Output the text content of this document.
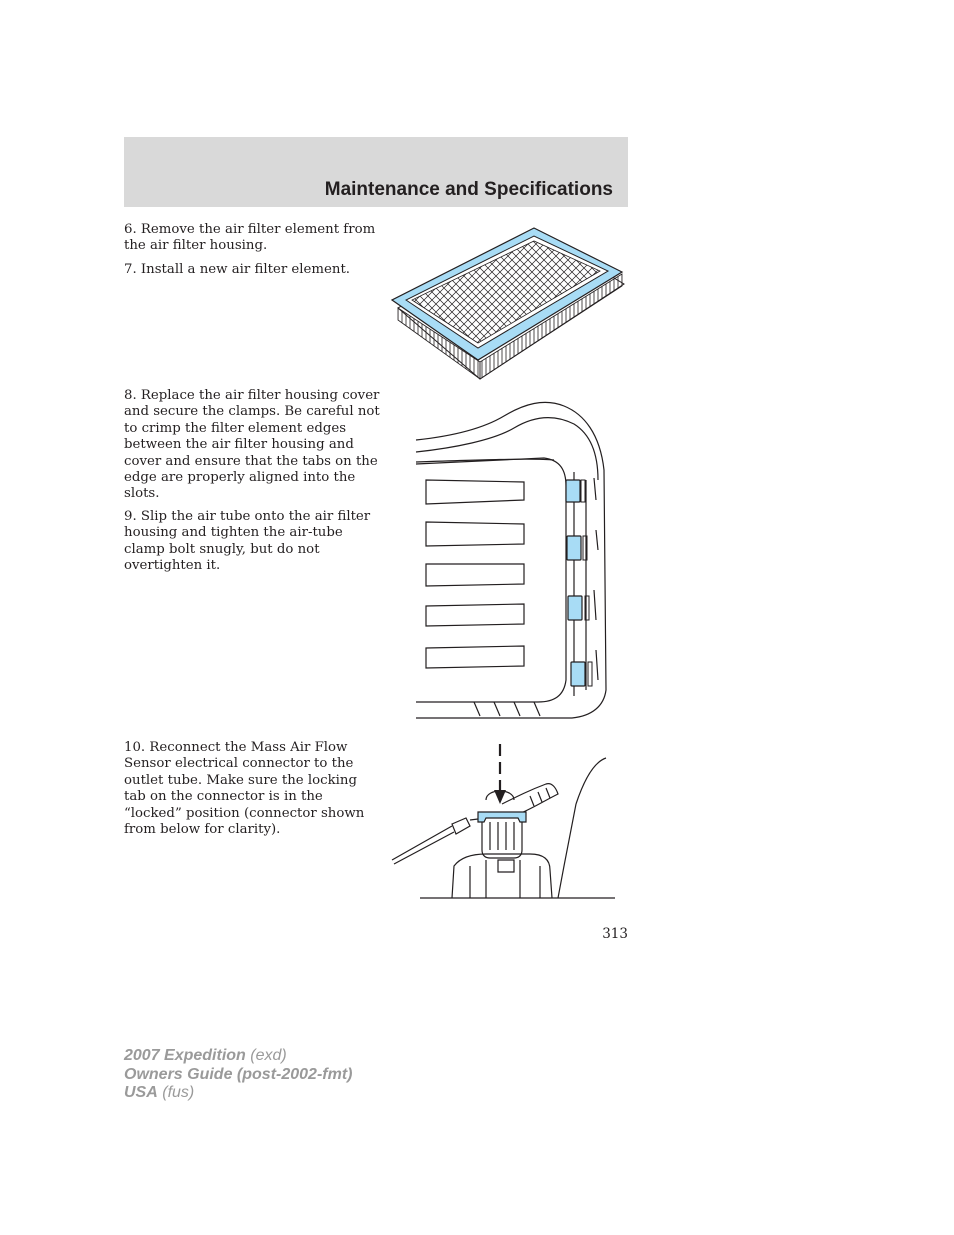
Maintenance and Specifications

6. Remove the air filter element from the air filter housing.

7. Install a new air filter element.

8. Replace the air filter housing cover and secure the clamps. Be careful not to crimp the filter element edges between the air filter housing and cover and ensure that the tabs on the edge are properly aligned into the slots.

9. Slip the air tube onto the air filter housing and tighten the air-tube clamp bolt snugly, but do not overtighten it.

10. Reconnect the Mass Air Flow Sensor electrical connector to the outlet tube. Make sure the locking tab on the connector is in the “locked” position (connector shown from below for clarity).

313
2007 Expedition (exd)
Owners Guide (post-2002-fmt)
USA (fus)
